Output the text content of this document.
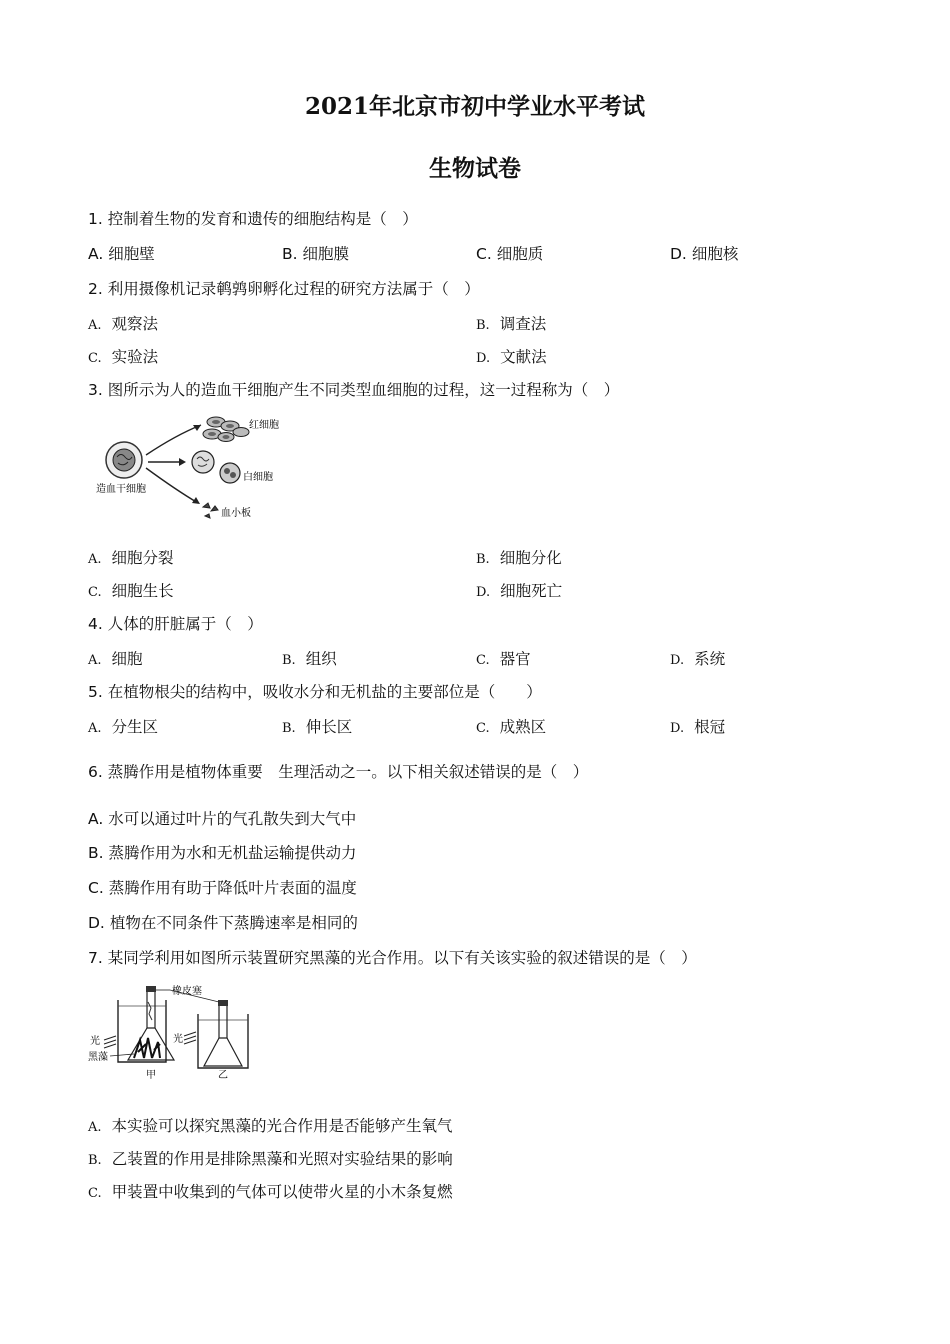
2021年北京市初中学业水平考试
生物试卷
1. 控制着生物的发育和遗传的细胞结构是（　）
A. 细胞壁	B. 细胞膜	C. 细胞质	D. 细胞核
2. 利用摄像机记录鹌鹑卵孵化过程的研究方法属于（　）
A. 观察法	B. 调查法
C. 实验法	D. 文献法
3. 图所示为人的造血干细胞产生不同类型血细胞的过程，这一过程称为（　）
造血干细胞
红细胞
白细胞
血小板
A. 细胞分裂	B. 细胞分化
C. 细胞生长	D. 细胞死亡
4. 人体的肝脏属于（　）
A. 细胞	B. 组织	C. 器官	D. 系统
5. 在植物根尖的结构中，吸收水分和无机盐的主要部位是（　　）
A. 分生区	B. 伸长区	C. 成熟区	D. 根冠
6. 蒸腾作用是植物体重要　生理活动之一。以下相关叙述错误的是（　）
A. 水可以通过叶片的气孔散失到大气中
B. 蒸腾作用为水和无机盐运输提供动力
C. 蒸腾作用有助于降低叶片表面的温度
D. 植物在不同条件下蒸腾速率是相同的
7. 某同学利用如图所示装置研究黑藻的光合作用。以下有关该实验的叙述错误的是（　）
橡皮塞
光
黑藻
光
甲	乙
A. 本实验可以探究黑藻的光合作用是否能够产生氧气
B. 乙装置的作用是排除黑藻和光照对实验结果的影响
C. 甲装置中收集到的气体可以使带火星的小木条复燃
